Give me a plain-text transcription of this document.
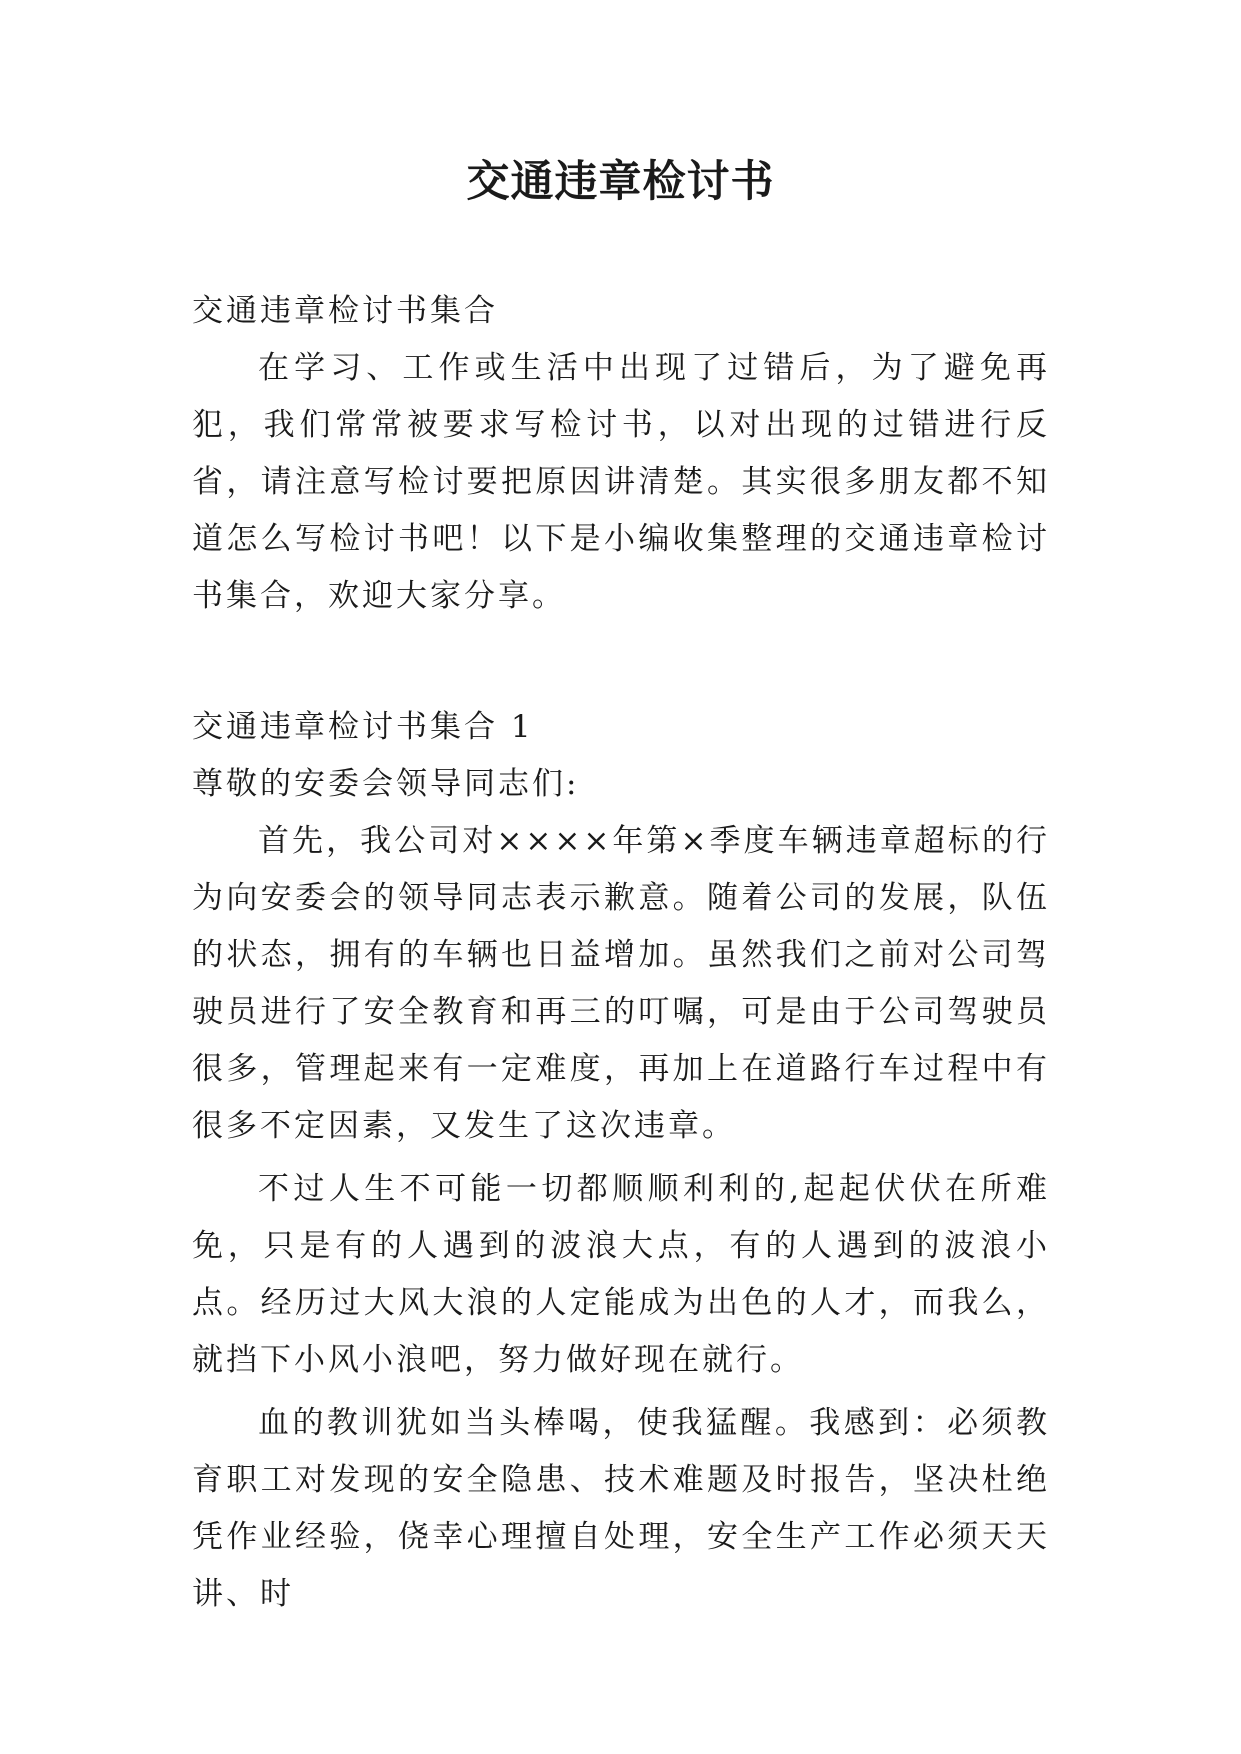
交通违章检讨书

交通违章检讨书集合

在学习、工作或生活中出现了过错后，为了避免再犯，我们常常被要求写检讨书，以对出现的过错进行反省，请注意写检讨要把原因讲清楚。其实很多朋友都不知道怎么写检讨书吧！以下是小编收集整理的交通违章检讨书集合，欢迎大家分享。

交通违章检讨书集合 1

尊敬的安委会领导同志们:

首先，我公司对××××年第×季度车辆违章超标的行为向安委会的领导同志表示歉意。随着公司的发展，队伍的状态，拥有的车辆也日益增加。虽然我们之前对公司驾驶员进行了安全教育和再三的叮嘱，可是由于公司驾驶员很多，管理起来有一定难度，再加上在道路行车过程中有很多不定因素，又发生了这次违章。

不过人生不可能一切都顺顺利利的,起起伏伏在所难免，只是有的人遇到的波浪大点，有的人遇到的波浪小点。经历过大风大浪的人定能成为出色的人才，而我么，就挡下小风小浪吧，努力做好现在就行。

血的教训犹如当头棒喝，使我猛醒。我感到：必须教育职工对发现的安全隐患、技术难题及时报告，坚决杜绝凭作业经验，侥幸心理擅自处理，安全生产工作必须天天讲、时
